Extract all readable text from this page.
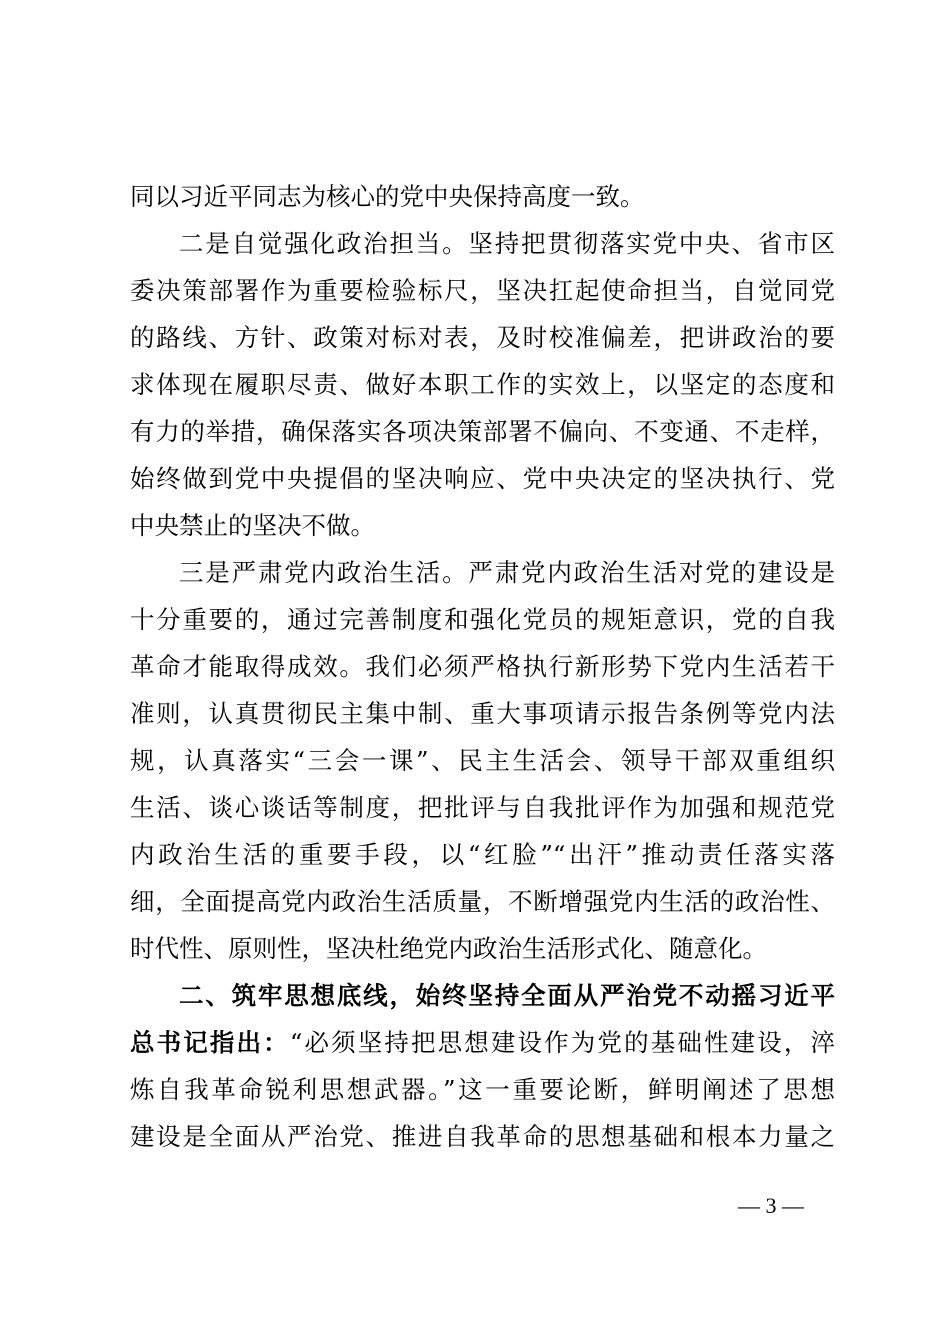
同以习近平同志为核心的党中央保持高度一致。
二是自觉强化政治担当。坚持把贯彻落实党中央、省市区
委决策部署作为重要检验标尺，坚决扛起使命担当，自觉同党
的路线、方针、政策对标对表，及时校准偏差，把讲政治的要
求体现在履职尽责、做好本职工作的实效上，以坚定的态度和
有力的举措，确保落实各项决策部署不偏向、不变通、不走样，
始终做到党中央提倡的坚决响应、党中央决定的坚决执行、党
中央禁止的坚决不做。
三是严肃党内政治生活。严肃党内政治生活对党的建设是
十分重要的，通过完善制度和强化党员的规矩意识，党的自我
革命才能取得成效。我们必须严格执行新形势下党内生活若干
准则，认真贯彻民主集中制、重大事项请示报告条例等党内法
规，认真落实“三会一课”、民主生活会、领导干部双重组织
生活、谈心谈话等制度，把批评与自我批评作为加强和规范党
内政治生活的重要手段，以“红脸”“出汗”推动责任落实落
细，全面提高党内政治生活质量，不断增强党内生活的政治性、
时代性、原则性，坚决杜绝党内政治生活形式化、随意化。
二、筑牢思想底线，始终坚持全面从严治党不动摇习近平
总书记指出：“必须坚持把思想建设作为党的基础性建设，淬
炼自我革命锐利思想武器。”这一重要论断，鲜明阐述了思想
建设是全面从严治党、推进自我革命的思想基础和根本力量之
— 3 —
